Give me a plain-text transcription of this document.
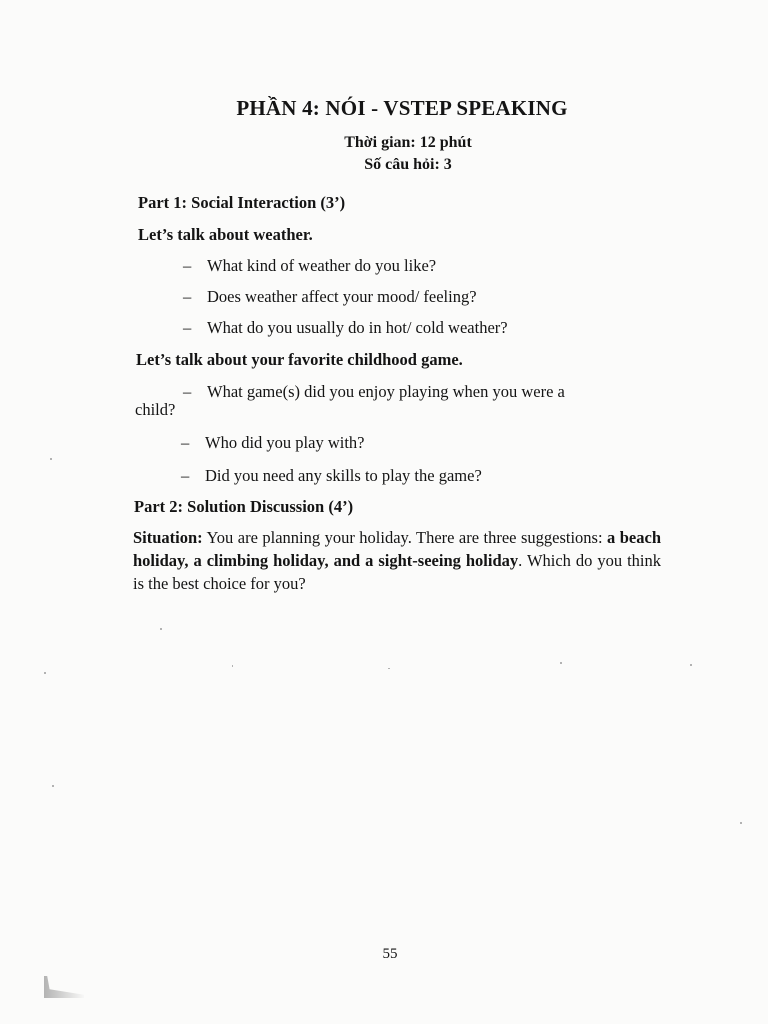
PHẦN 4: NÓI - VSTEP SPEAKING
Thời gian: 12 phút
Số câu hỏi: 3
Part 1: Social Interaction (3’)
Let’s talk about weather.
– What kind of weather do you like?
– Does weather affect your mood/ feeling?
– What do you usually do in hot/ cold weather?
Let’s talk about your favorite childhood game.
– What game(s) did you enjoy playing when you were a
child?
– Who did you play with?
– Did you need any skills to play the game?
Part 2: Solution Discussion (4’)
Situation: You are planning your holiday. There are three suggestions: a beach holiday, a climbing holiday, and a sight-seeing holiday. Which do you think is the best choice for you?
55
